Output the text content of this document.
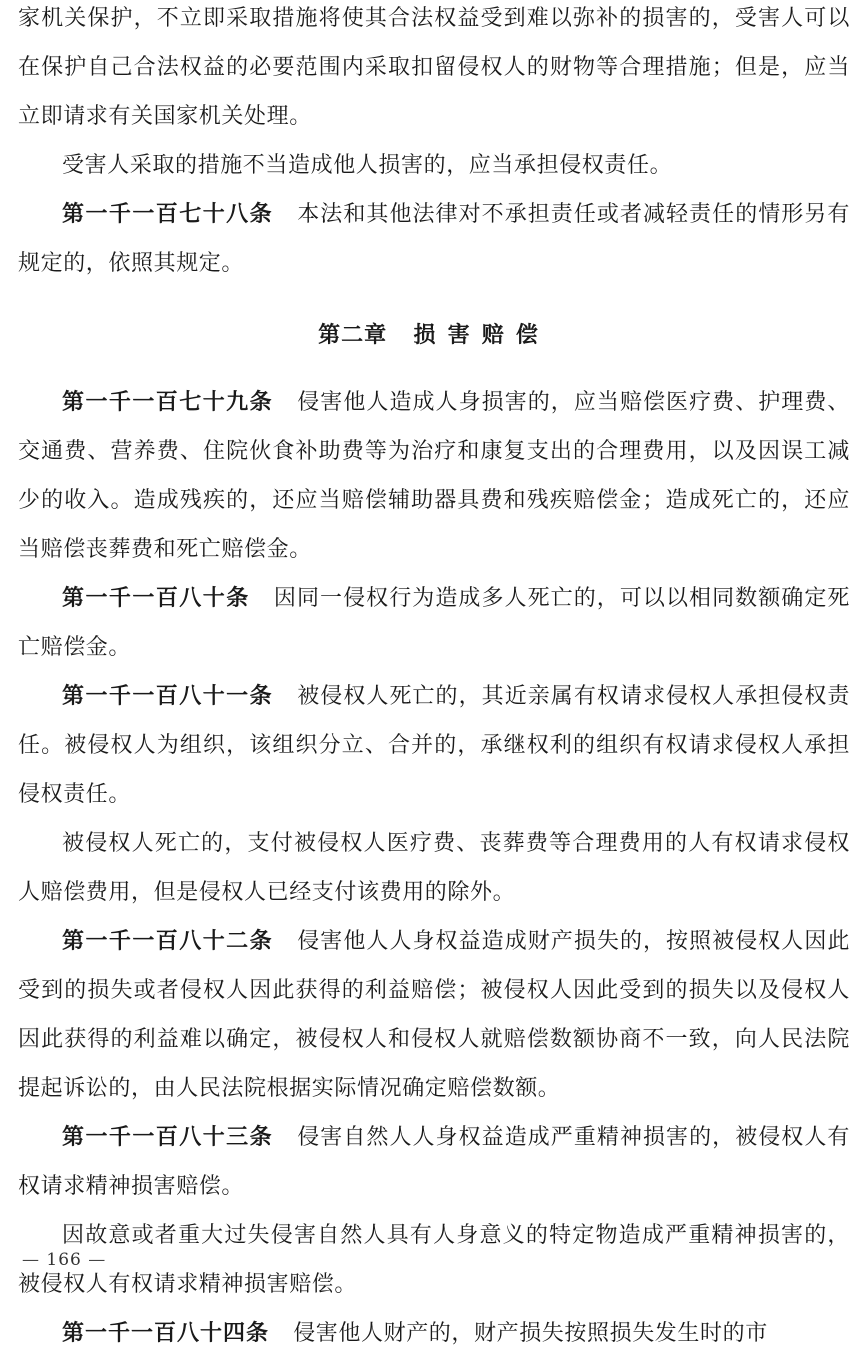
家机关保护，不立即采取措施将使其合法权益受到难以弥补的损害的，受害人可以在保护自己合法权益的必要范围内采取扣留侵权人的财物等合理措施；但是，应当立即请求有关国家机关处理。

受害人采取的措施不当造成他人损害的，应当承担侵权责任。

第一千一百七十八条 本法和其他法律对不承担责任或者减轻责任的情形另有规定的，依照其规定。

第二章 损害赔偿

第一千一百七十九条 侵害他人造成人身损害的，应当赔偿医疗费、护理费、交通费、营养费、住院伙食补助费等为治疗和康复支出的合理费用，以及因误工减少的收入。造成残疾的，还应当赔偿辅助器具费和残疾赔偿金；造成死亡的，还应当赔偿丧葬费和死亡赔偿金。

第一千一百八十条 因同一侵权行为造成多人死亡的，可以以相同数额确定死亡赔偿金。

第一千一百八十一条 被侵权人死亡的，其近亲属有权请求侵权人承担侵权责任。被侵权人为组织，该组织分立、合并的，承继权利的组织有权请求侵权人承担侵权责任。

被侵权人死亡的，支付被侵权人医疗费、丧葬费等合理费用的人有权请求侵权人赔偿费用，但是侵权人已经支付该费用的除外。

第一千一百八十二条 侵害他人人身权益造成财产损失的，按照被侵权人因此受到的损失或者侵权人因此获得的利益赔偿；被侵权人因此受到的损失以及侵权人因此获得的利益难以确定，被侵权人和侵权人就赔偿数额协商不一致，向人民法院提起诉讼的，由人民法院根据实际情况确定赔偿数额。

第一千一百八十三条 侵害自然人人身权益造成严重精神损害的，被侵权人有权请求精神损害赔偿。

因故意或者重大过失侵害自然人具有人身意义的特定物造成严重精神损害的，被侵权人有权请求精神损害赔偿。

第一千一百八十四条 侵害他人财产的，财产损失按照损失发生时的市

— 166 —
